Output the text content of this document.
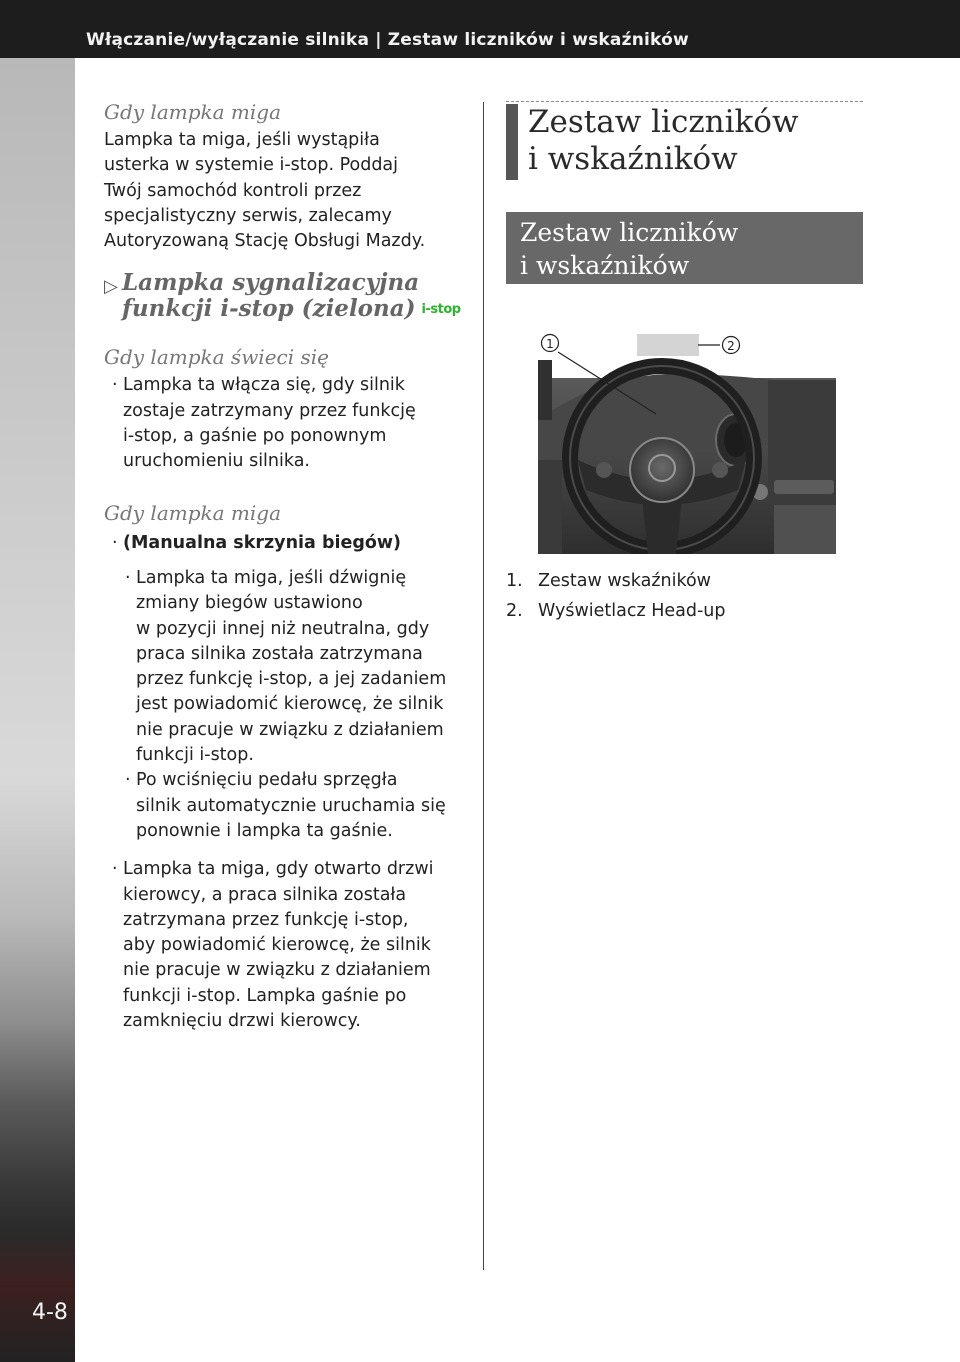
Włączanie/wyłączanie silnika | Zestaw liczników i wskaźników
4-8

Gdy lampka miga

Lampka ta miga, jeśli wystąpiła

usterka w systemie i-stop. Poddaj

Twój samochód kontroli przez

specjalistyczny serwis, zalecamy

Autoryzowaną Stację Obsługi Mazdy.

▷ Lampka sygnalizacyjna
funkcji i-stop (zielona) i-stop

Gdy lampka świeci się

· Lampka ta włącza się, gdy silnik

zostaje zatrzymany przez funkcję

i-stop, a gaśnie po ponownym

uruchomieniu silnika.

Gdy lampka miga

· (Manualna skrzynia biegów)

· Lampka ta miga, jeśli dźwignię

zmiany biegów ustawiono

w pozycji innej niż neutralna, gdy

praca silnika została zatrzymana

przez funkcję i-stop, a jej zadaniem

jest powiadomić kierowcę, że silnik

nie pracuje w związku z działaniem

funkcji i-stop.

· Po wciśnięciu pedału sprzęgła

silnik automatycznie uruchamia się

ponownie i lampka ta gaśnie.

· Lampka ta miga, gdy otwarto drzwi

kierowcy, a praca silnika została

zatrzymana przez funkcję i-stop,

aby powiadomić kierowcę, że silnik

nie pracuje w związku z działaniem

funkcji i-stop. Lampka gaśnie po

zamknięciu drzwi kierowcy.

Zestaw liczników
i wskaźników
Zestaw liczników
i wskaźników
1	2
1. Zestaw wskaźników
2. Wyświetlacz Head-up
